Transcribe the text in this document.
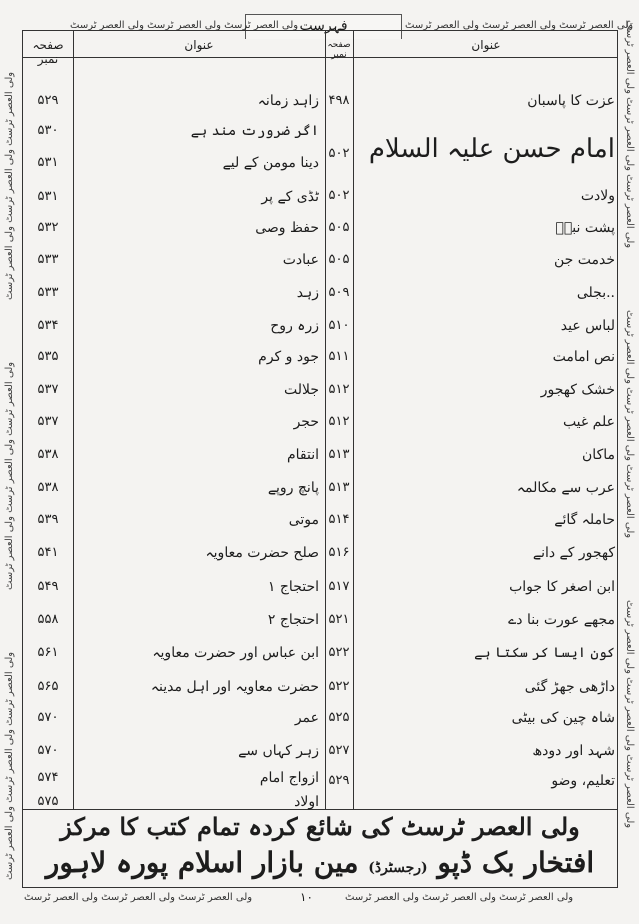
فہرست
ولی العصر ٹرسٹ ولی العصر ٹرسٹ ولی العصر ٹرسٹ	ولی العصر ٹرسٹ ولی العصر ٹرسٹ ولی العصر ٹرسٹ
ولی العصر ٹرسٹ ولی العصر ٹرسٹ ولی العصر ٹرسٹ
ولی العصر ٹرسٹ ولی العصر ٹرسٹ ولی العصر ٹرسٹ
ولی العصر ٹرسٹ ولی العصر ٹرسٹ ولی العصر ٹرسٹ	ولی العصر ٹرسٹ ولی العصر ٹرسٹ ولی العصر ٹرسٹ
ولی العصر ٹرسٹ ولی العصر ٹرسٹ ولی العصر ٹرسٹ
ولی العصر ٹرسٹ ولی العصر ٹرسٹ ولی العصر ٹرسٹ
صفحہ نمبر
عنوان	صفحہ نمبر
عنوان
عزت کا پاسبان
۴۹۸
امام حسن علیہ السلام
۵۰۲
ولادت
۵۰۲
پشت نبیؐ
۵۰۵
خدمت جن
۵۰۵
..بجلی
۵۰۹
لباس عید
۵۱۰
نص امامت
۵۱۱
خشک کھجور
۵۱۲
علم غیب
۵۱۲
ماکان
۵۱۳
عرب سے مکالمہ
۵۱۳
حاملہ گائے
۵۱۴
کھجور کے دانے
۵۱۶
ابن اصغر کا جواب
۵۱۷
مجھے عورت بنا دے
۵۲۱
کون ایسا کر سکتا ہے
۵۲۲
داڑھی جھڑ گئی
۵۲۲
شاہ چین کی بیٹی
۵۲۵
شہد اور دودھ
۵۲۷
تعلیم، وضو
۵۲۹
زاہد زمانہ
۵۲۹
اگر ضرورت مند ہے
۵۳۰
دینا مومن کے لیے
۵۳۱
ٹڈی کے پر
۵۳۱
حفظ وصی
۵۳۲
عبادت
۵۳۳
زہد
۵۳۳
زرہ روح
۵۳۴
جود و کرم
۵۳۵
جلالت
۵۳۷
حجر
۵۳۷
انتقام
۵۳۸
پانچ روپے
۵۳۸
موتی
۵۳۹
صلح حضرت معاویہ
۵۴۱
احتجاج ۱
۵۴۹
احتجاج ۲
۵۵۸
ابن عباس اور حضرت معاویہ
۵۶۱
حضرت معاویہ اور اہل مدینہ
۵۶۵
عمر
۵۷۰
زہر کہاں سے
۵۷۰
ازواج امام
۵۷۴
اولاد
۵۷۵
ولی العصر ٹرسٹ کی شائع کردہ تمام کتب کا مرکز
افتخار بک ڈپو (رجسٹرڈ) مین بازار اسلام پورہ لاہور
ولی العصر ٹرسٹ ولی العصر ٹرسٹ ولی العصر ٹرسٹ	۱۰	ولی العصر ٹرسٹ ولی العصر ٹرسٹ ولی العصر ٹرسٹ
